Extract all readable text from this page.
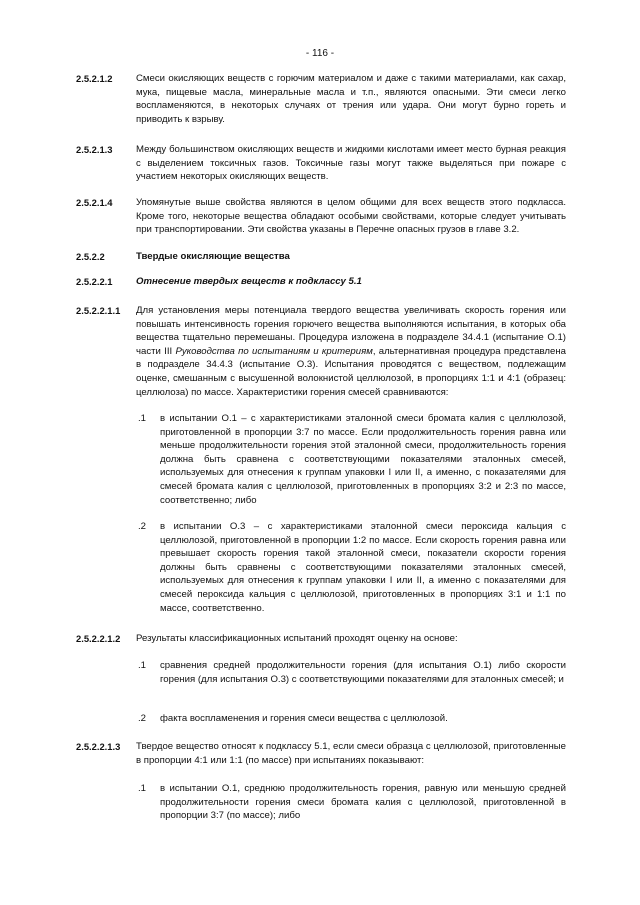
- 116 -
2.5.2.1.2 Смеси окисляющих веществ с горючим материалом и даже с такими материалами, как сахар, мука, пищевые масла, минеральные масла и т.п., являются опасными. Эти смеси легко воспламеняются, в некоторых случаях от трения или удара. Они могут бурно гореть и приводить к взрыву.
2.5.2.1.3 Между большинством окисляющих веществ и жидкими кислотами имеет место бурная реакция с выделением токсичных газов. Токсичные газы могут также выделяться при пожаре с участием некоторых окисляющих веществ.
2.5.2.1.4 Упомянутые выше свойства являются в целом общими для всех веществ этого подкласса. Кроме того, некоторые вещества обладают особыми свойствами, которые следует учитывать при транспортировании. Эти свойства указаны в Перечне опасных грузов в главе 3.2.
2.5.2.2	Твердые окисляющие вещества
2.5.2.2.1 Отнесение твердых веществ к подклассу 5.1
2.5.2.2.1.1 Для установления меры потенциала твердого вещества увеличивать скорость горения или повышать интенсивность горения горючего вещества выполняются испытания, в которых оба вещества тщательно перемешаны. Процедура изложена в подразделе 34.4.1 (испытание O.1) части III Руководства по испытаниям и критериям, альтернативная процедура представлена в подразделе 34.4.3 (испытание O.3). Испытания проводятся с веществом, подлежащим оценке, смешанным с высушенной волокнистой целлюлозой, в пропорциях 1:1 и 4:1 (образец: целлюлоза) по массе. Характеристики горения смесей сравниваются:
.1 в испытании O.1 – с характеристиками эталонной смеси бромата калия с целлюлозой, приготовленной в пропорции 3:7 по массе. Если продолжительность горения равна или меньше продолжительности горения этой эталонной смеси, продолжительность горения должна быть сравнена с соответствующими показателями эталонных смесей, используемых для отнесения к группам упаковки I или II, а именно, с показателями для смесей бромата калия с целлюлозой, приготовленных в пропорциях 3:2 и 2:3 по массе, соответственно; либо
.2 в испытании O.3 – с характеристиками эталонной смеси пероксида кальция с целлюлозой, приготовленной в пропорции 1:2 по массе. Если скорость горения равна или превышает скорость горения такой эталонной смеси, показатели скорости горения должны быть сравнены с соответствующими показателями эталонных смесей, используемых для отнесения к группам упаковки I или II, а именно с показателями для смесей пероксида кальция с целлюлозой, приготовленных в пропорциях 3:1 и 1:1 по массе, соответственно.
2.5.2.2.1.2 Результаты классификационных испытаний проходят оценку на основе:
.1 сравнения средней продолжительности горения (для испытания O.1) либо скорости горения (для испытания O.3) с соответствующими показателями для эталонных смесей; и
.2 факта воспламенения и горения смеси вещества с целлюлозой.
2.5.2.2.1.3 Твердое вещество относят к подклассу 5.1, если смеси образца с целлюлозой, приготовленные в пропорции 4:1 или 1:1 (по массе) при испытаниях показывают:
.1 в испытании O.1, среднюю продолжительность горения, равную или меньшую средней продолжительности горения смеси бромата калия с целлюлозой, приготовленной в пропорции 3:7 (по массе); либо
